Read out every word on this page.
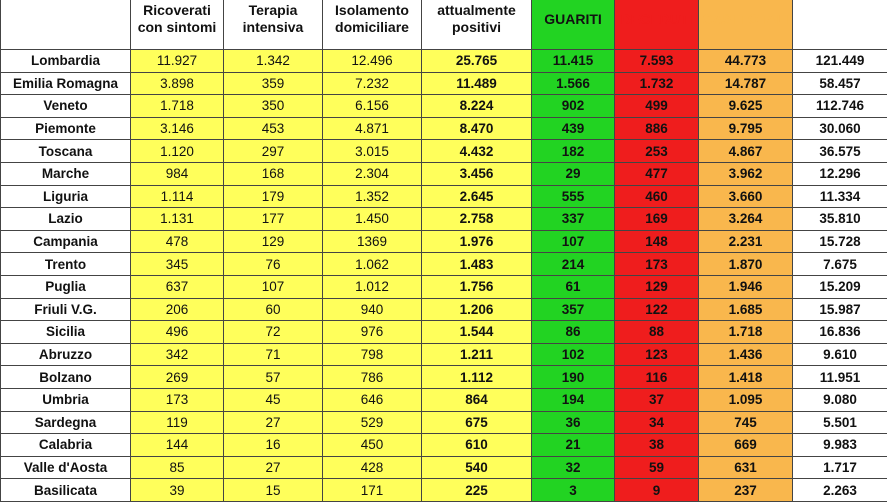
	Ricoverati con sintomi	Terapia intensiva	Isolamento domiciliare	attualmente positivi	GUARITI	DECEDUTI	CASI TOTALI	TAMPONI
Lombardia	11.927	1.342	12.496	25.765	11.415	7.593	44.773	121.449
Emilia Romagna	3.898	359	7.232	11.489	1.566	1.732	14.787	58.457
Veneto	1.718	350	6.156	8.224	902	499	9.625	112.746
Piemonte	3.146	453	4.871	8.470	439	886	9.795	30.060
Toscana	1.120	297	3.015	4.432	182	253	4.867	36.575
Marche	984	168	2.304	3.456	29	477	3.962	12.296
Liguria	1.114	179	1.352	2.645	555	460	3.660	11.334
Lazio	1.131	177	1.450	2.758	337	169	3.264	35.810
Campania	478	129	1369	1.976	107	148	2.231	15.728
Trento	345	76	1.062	1.483	214	173	1.870	7.675
Puglia	637	107	1.012	1.756	61	129	1.946	15.209
Friuli V.G.	206	60	940	1.206	357	122	1.685	15.987
Sicilia	496	72	976	1.544	86	88	1.718	16.836
Abruzzo	342	71	798	1.211	102	123	1.436	9.610
Bolzano	269	57	786	1.112	190	116	1.418	11.951
Umbria	173	45	646	864	194	37	1.095	9.080
Sardegna	119	27	529	675	36	34	745	5.501
Calabria	144	16	450	610	21	38	669	9.983
Valle d'Aosta	85	27	428	540	32	59	631	1.717
Basilicata	39	15	171	225	3	9	237	2.263
